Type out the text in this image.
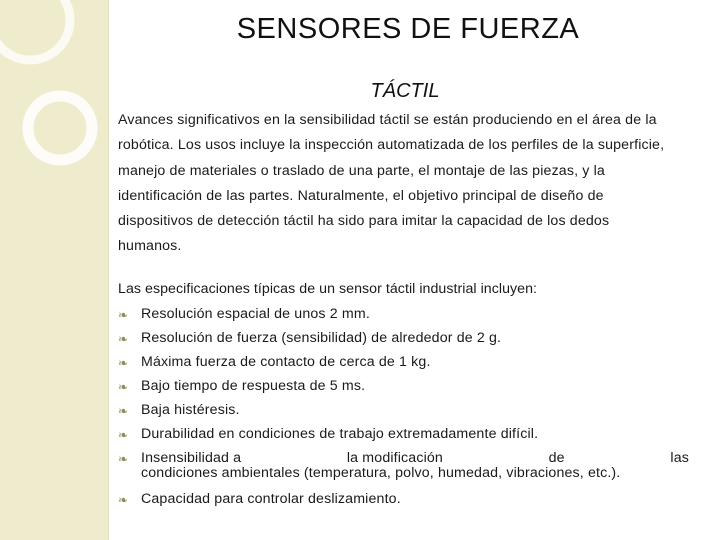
SENSORES DE FUERZA
TÁCTIL
Avances significativos en la sensibilidad táctil se están produciendo en el área de la
robótica. Los usos incluye la inspección automatizada de los perfiles de la superficie,
manejo de materiales o traslado de una parte, el montaje de las piezas, y la
identificación de las partes. Naturalmente, el objetivo principal de diseño de
dispositivos de detección táctil ha sido para imitar la capacidad de los dedos
humanos.

Las especificaciones típicas de un sensor táctil industrial incluyen:

❧ Resolución espacial de unos 2 mm.
❧ Resolución de fuerza (sensibilidad) de alrededor de 2 g.
❧ Máxima fuerza de contacto de cerca de 1 kg.
❧ Bajo tiempo de respuesta de 5 ms.
❧ Baja histéresis.
❧ Durabilidad en condiciones de trabajo extremadamente difícil.
❧ Insensibilidad a	la modificación	de	las
condiciones ambientales (temperatura, polvo, humedad, vibraciones, etc.).
❧ Capacidad para controlar deslizamiento.
